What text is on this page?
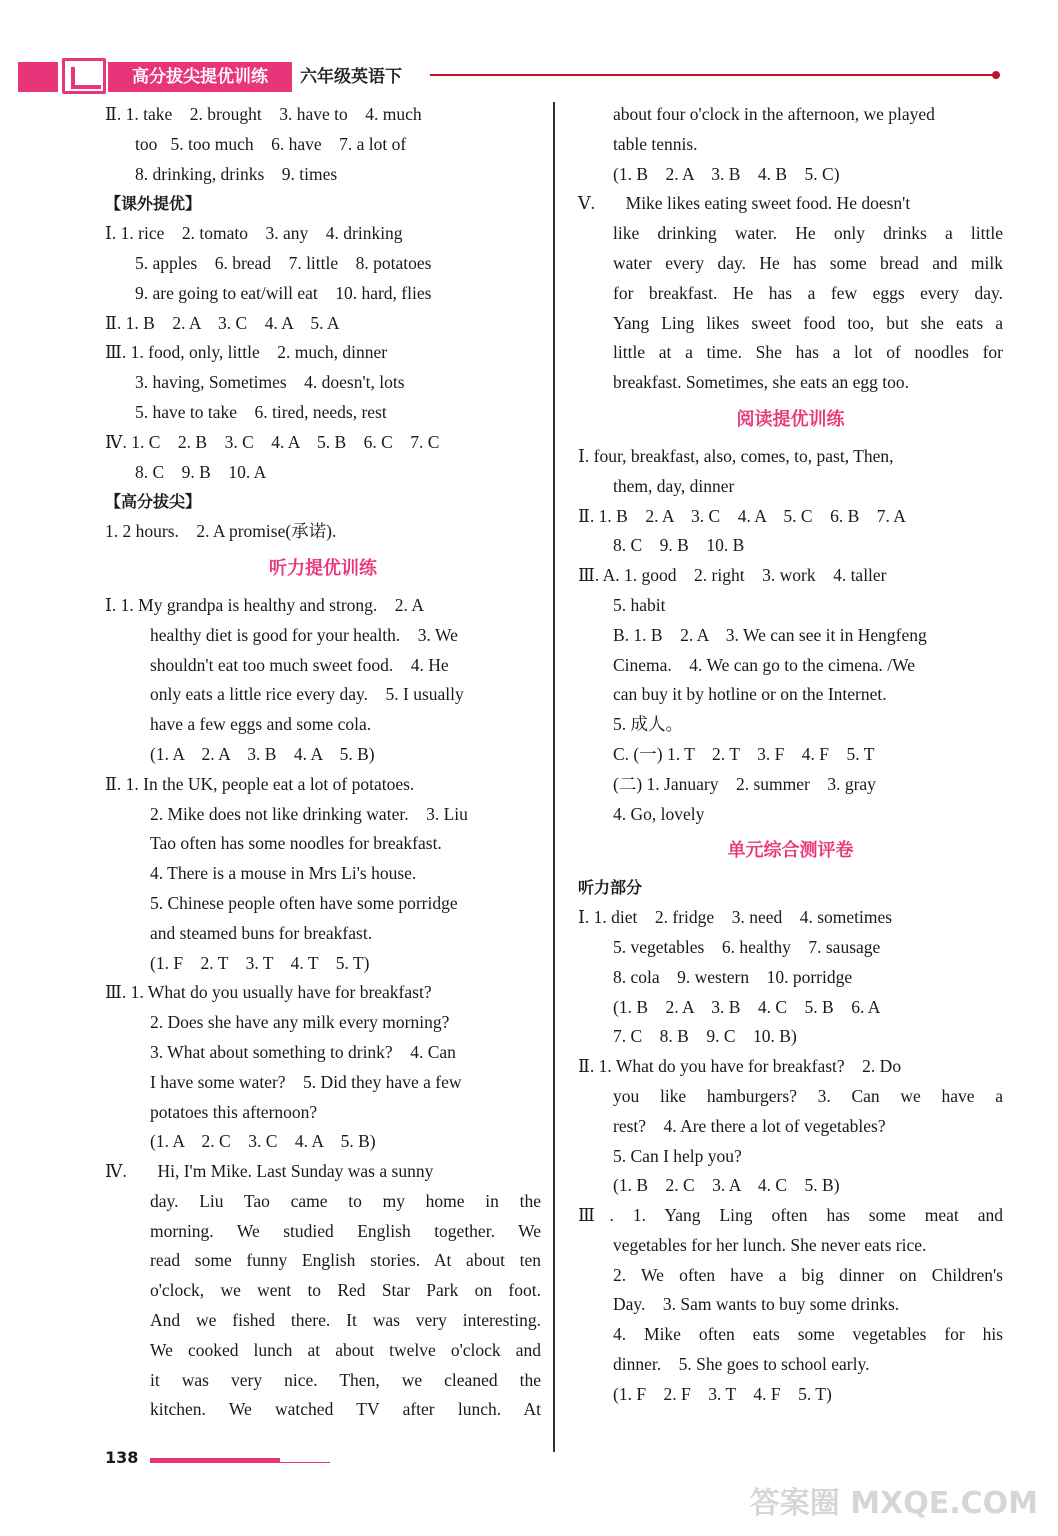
高分拔尖提优训练	六年级英语下
Ⅱ. 1. take    2. brought    3. have to    4. much
too   5. too much    6. have    7. a lot of
8. drinking, drinks    9. times
【课外提优】
Ⅰ. 1. rice    2. tomato    3. any    4. drinking
5. apples    6. bread    7. little    8. potatoes
9. are going to eat/will eat    10. hard, flies
Ⅱ. 1. B    2. A    3. C    4. A    5. A
Ⅲ. 1. food, only, little    2. much, dinner
3. having, Sometimes    4. doesn't, lots
5. have to take    6. tired, needs, rest
Ⅳ. 1. C    2. B    3. C    4. A    5. B    6. C    7. C
8. C    9. B    10. A
【高分拔尖】
1. 2 hours.    2. A promise(承诺).
听力提优训练
Ⅰ. 1. My grandpa is healthy and strong.    2. A
healthy diet is good for your health.    3. We
shouldn't eat too much sweet food.    4. He
only eats a little rice every day.    5. I usually
have a few eggs and some cola.
(1. A    2. A    3. B    4. A    5. B)
Ⅱ. 1. In the UK, people eat a lot of potatoes.
2. Mike does not like drinking water.    3. Liu
Tao often has some noodles for breakfast.
4. There is a mouse in Mrs Li's house.
5. Chinese people often have some porridge
and steamed buns for breakfast.
(1. F    2. T    3. T    4. T    5. T)
Ⅲ. 1. What do you usually have for breakfast?
2. Does she have any milk every morning?
3. What about something to drink?    4. Can
I have some water?    5. Did they have a few
potatoes this afternoon?
(1. A    2. C    3. C    4. A    5. B)
Ⅳ.       Hi, I'm Mike. Last Sunday was a sunny
day. Liu Tao came to my home in the
morning. We studied English together. We
read some funny English stories. At about ten
o'clock, we went to Red Star Park on foot.
And we fished there. It was very interesting.
We cooked lunch at about twelve o'clock and
it was very nice. Then, we cleaned the
kitchen. We watched TV after lunch. At
about four o'clock in the afternoon, we played
table tennis.
(1. B    2. A    3. B    4. B    5. C)
Ⅴ.       Mike likes eating sweet food. He doesn't
like drinking water. He only drinks a little
water every day. He has some bread and milk
for breakfast. He has a few eggs every day.
Yang Ling likes sweet food too, but she eats a
little at a time. She has a lot of noodles for
breakfast. Sometimes, she eats an egg too.
阅读提优训练
Ⅰ. four, breakfast, also, comes, to, past, Then,
them, day, dinner
Ⅱ. 1. B    2. A    3. C    4. A    5. C    6. B    7. A
8. C    9. B    10. B
Ⅲ. A. 1. good    2. right    3. work    4. taller
5. habit
B. 1. B    2. A    3. We can see it in Hengfeng
Cinema.    4. We can go to the cimena. /We
can buy it by hotline or on the Internet.
5. 成人。
C. (一) 1. T    2. T    3. F    4. F    5. T
(二) 1. January    2. summer    3. gray
4. Go, lovely
单元综合测评卷
听力部分
Ⅰ. 1. diet    2. fridge    3. need    4. sometimes
5. vegetables    6. healthy    7. sausage
8. cola    9. western    10. porridge
(1. B    2. A    3. B    4. C    5. B    6. A
7. C    8. B    9. C    10. B)
Ⅱ. 1. What do you have for breakfast?    2. Do
you like hamburgers? 3. Can we have a
rest?    4. Are there a lot of vegetables?
5. Can I help you?
(1. B    2. C    3. A    4. C    5. B)
Ⅲ. 1. Yang Ling often has some meat and
vegetables for her lunch. She never eats rice.
2. We often have a big dinner on Children's
Day.    3. Sam wants to buy some drinks.
4. Mike often eats some vegetables for his
dinner.    5. She goes to school early.
(1. F    2. F    3. T    4. F    5. T)
138
答案圈 MXQE.COM
